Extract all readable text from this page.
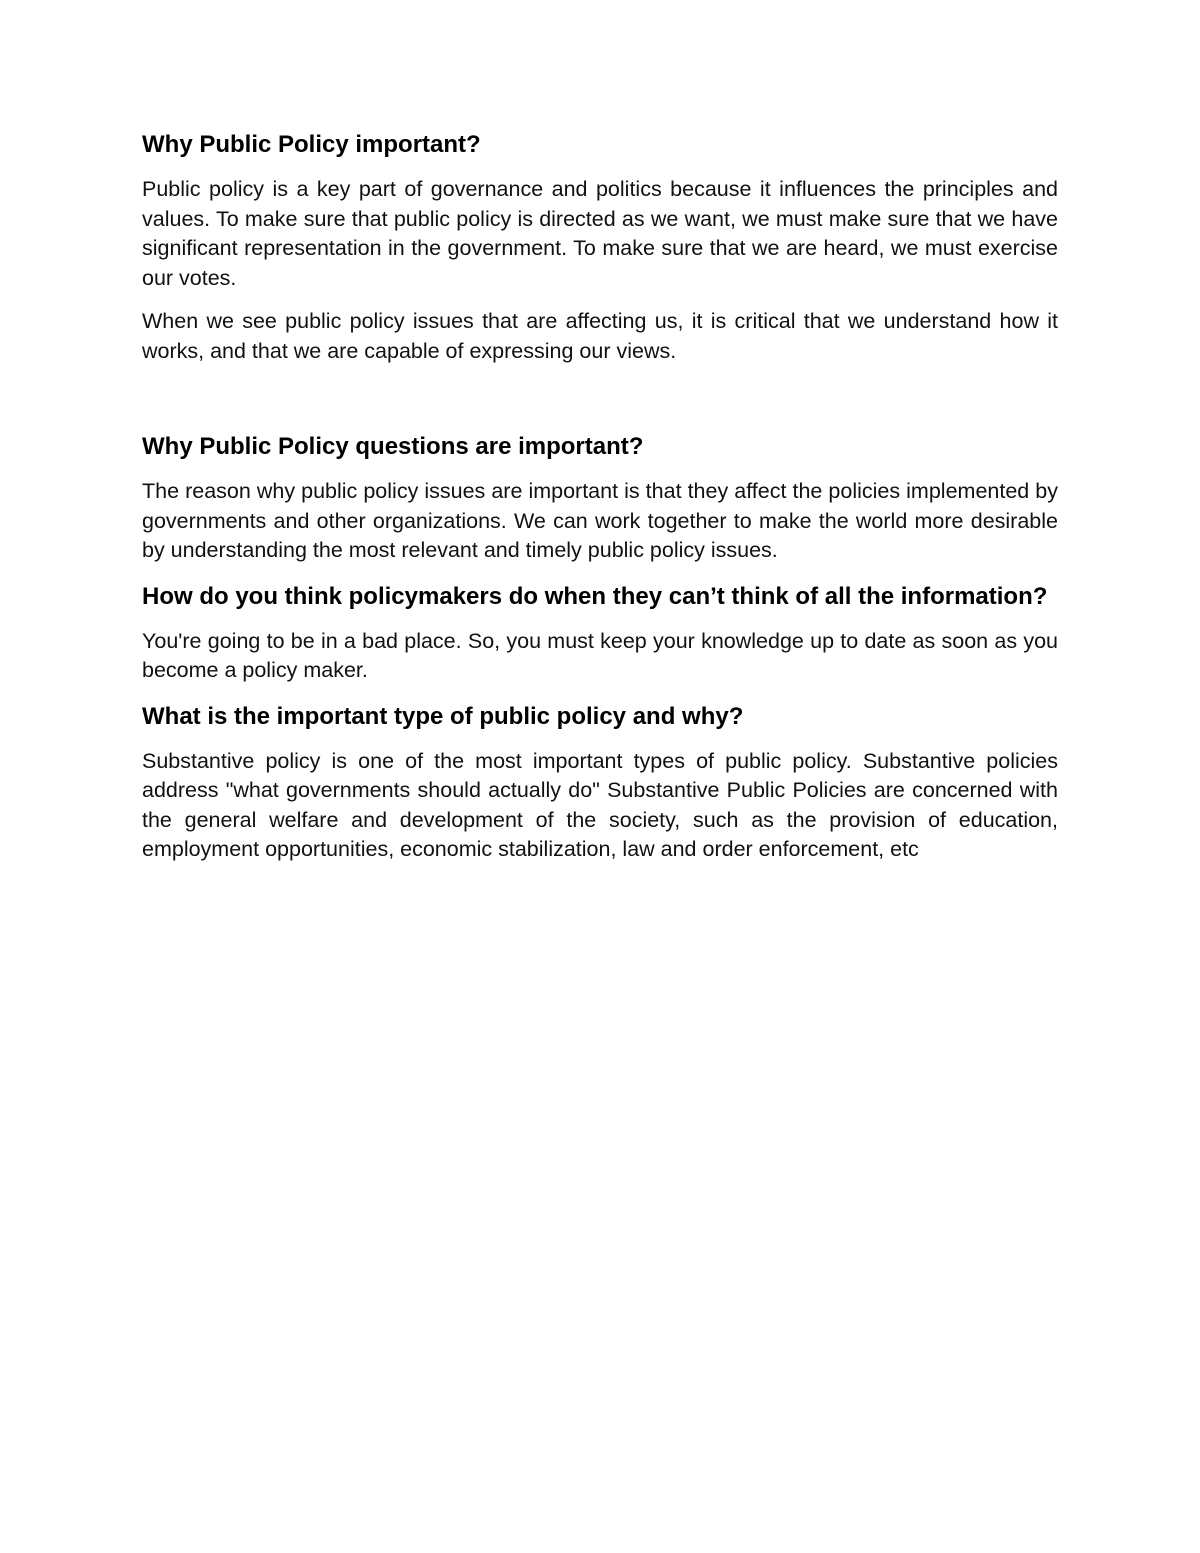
Why Public Policy important?

Public policy is a key part of governance and politics because it influences the principles and values. To make sure that public policy is directed as we want, we must make sure that we have significant representation in the government. To make sure that we are heard, we must exercise our votes.

When we see public policy issues that are affecting us, it is critical that we understand how it works, and that we are capable of expressing our views.

Why Public Policy questions are important?

The reason why public policy issues are important is that they affect the policies implemented by governments and other organizations. We can work together to make the world more desirable by understanding the most relevant and timely public policy issues.

How do you think policymakers do when they can’t think of all the information?

You're going to be in a bad place. So, you must keep your knowledge up to date as soon as you become a policy maker.

What is the important type of public policy and why?

Substantive policy is one of the most important types of public policy. Substantive policies address "what governments should actually do" Substantive Public Policies are concerned with the general welfare and development of the society, such as the provision of education, employment opportunities, economic stabilization, law and order enforcement, etc
